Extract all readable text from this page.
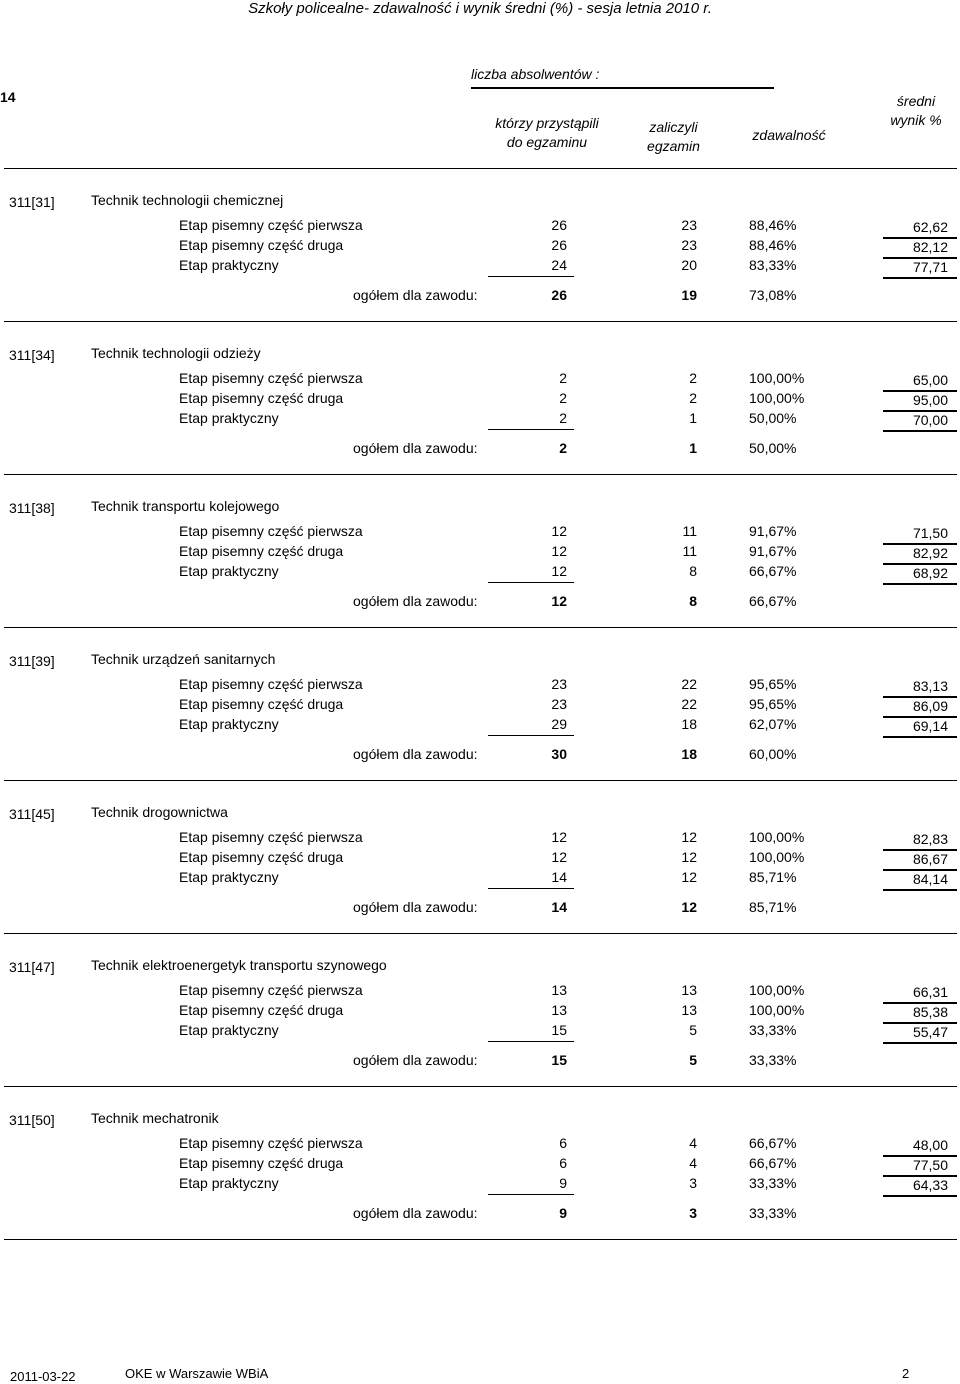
Szkoły policealne- zdawalność i wynik średni (%) - sesja letnia 2010 r.
14
liczba absolwentów :
którzy przystąpili
do egzaminu
zaliczyli
egzamin
zdawalność
średni
wynik %
311[31]	Technik technologii chemicznej
Etap pisemny część pierwsza	26	23	88,46%	62,62
Etap pisemny część druga	26	23	88,46%	82,12
Etap praktyczny	24	20	83,33%	77,71
ogółem dla zawodu:	26	19	73,08%
311[34]	Technik technologii odzieży
Etap pisemny część pierwsza	2	2	100,00%	65,00
Etap pisemny część druga	2	2	100,00%	95,00
Etap praktyczny	2	1	50,00%	70,00
ogółem dla zawodu:	2	1	50,00%
311[38]	Technik transportu kolejowego
Etap pisemny część pierwsza	12	11	91,67%	71,50
Etap pisemny część druga	12	11	91,67%	82,92
Etap praktyczny	12	8	66,67%	68,92
ogółem dla zawodu:	12	8	66,67%
311[39]	Technik urządzeń sanitarnych
Etap pisemny część pierwsza	23	22	95,65%	83,13
Etap pisemny część druga	23	22	95,65%	86,09
Etap praktyczny	29	18	62,07%	69,14
ogółem dla zawodu:	30	18	60,00%
311[45]	Technik drogownictwa
Etap pisemny część pierwsza	12	12	100,00%	82,83
Etap pisemny część druga	12	12	100,00%	86,67
Etap praktyczny	14	12	85,71%	84,14
ogółem dla zawodu:	14	12	85,71%
311[47]	Technik elektroenergetyk transportu szynowego
Etap pisemny część pierwsza	13	13	100,00%	66,31
Etap pisemny część druga	13	13	100,00%	85,38
Etap praktyczny	15	5	33,33%	55,47
ogółem dla zawodu:	15	5	33,33%
311[50]	Technik mechatronik
Etap pisemny część pierwsza	6	4	66,67%	48,00
Etap pisemny część druga	6	4	66,67%	77,50
Etap praktyczny	9	3	33,33%	64,33
ogółem dla zawodu:	9	3	33,33%
2011-03-22	OKE w Warszawie WBiA	2
